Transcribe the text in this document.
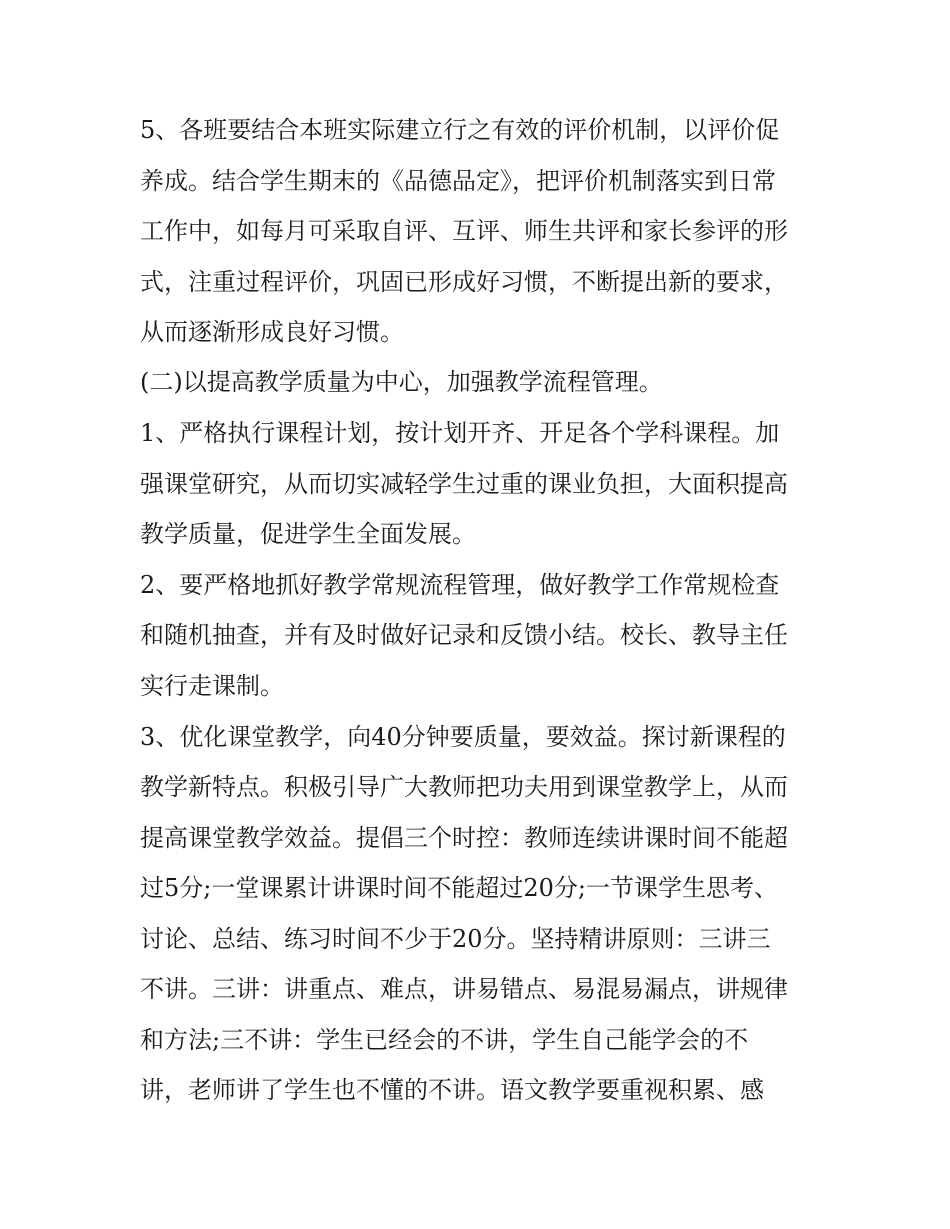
5、各班要结合本班实际建立行之有效的评价机制，以评价促

养成。结合学生期末的《品德品定》，把评价机制落实到日常

工作中，如每月可采取自评、互评、师生共评和家长参评的形

式，注重过程评价，巩固已形成好习惯，不断提出新的要求，

从而逐渐形成良好习惯。

(二)以提高教学质量为中心，加强教学流程管理。

1、严格执行课程计划，按计划开齐、开足各个学科课程。加

强课堂研究，从而切实减轻学生过重的课业负担，大面积提高

教学质量，促进学生全面发展。

2、要严格地抓好教学常规流程管理，做好教学工作常规检查

和随机抽查，并有及时做好记录和反馈小结。校长、教导主任

实行走课制。

3、优化课堂教学，向40分钟要质量，要效益。探讨新课程的

教学新特点。积极引导广大教师把功夫用到课堂教学上，从而

提高课堂教学效益。提倡三个时控：教师连续讲课时间不能超

过5分;一堂课累计讲课时间不能超过20分;一节课学生思考、

讨论、总结、练习时间不少于20分。坚持精讲原则：三讲三

不讲。三讲：讲重点、难点，讲易错点、易混易漏点，讲规律

和方法;三不讲：学生已经会的不讲，学生自己能学会的不

讲，老师讲了学生也不懂的不讲。语文教学要重视积累、感
